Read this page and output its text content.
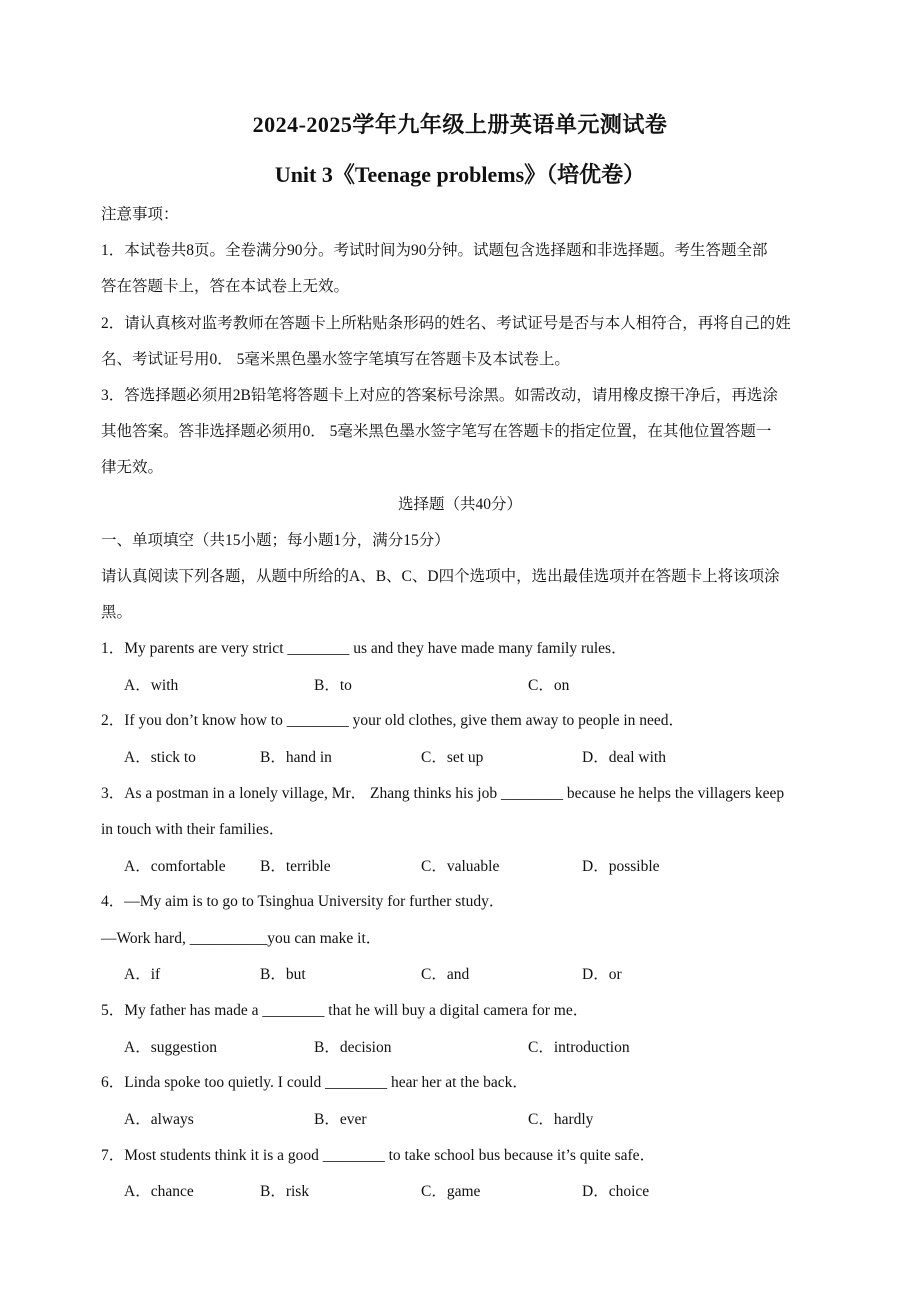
2024-2025学年九年级上册英语单元测试卷
Unit 3《Teenage problems》（培优卷）
注意事项：
1．本试卷共8页。全卷满分90分。考试时间为90分钟。试题包含选择题和非选择题。考生答题全部
答在答题卡上，答在本试卷上无效。
2．请认真核对监考教师在答题卡上所粘贴条形码的姓名、考试证号是否与本人相符合，再将自己的姓
名、考试证号用0． 5毫米黑色墨水签字笔填写在答题卡及本试卷上。
3．答选择题必须用2B铅笔将答题卡上对应的答案标号涂黑。如需改动，请用橡皮擦干净后，再选涂
其他答案。答非选择题必须用0． 5毫米黑色墨水签字笔写在答题卡的指定位置，在其他位置答题一
律无效。
选择题（共40分）
一、单项填空（共15小题；每小题1分，满分15分）
请认真阅读下列各题，从题中所给的A、B、C、D四个选项中，选出最佳选项并在答题卡上将该项涂
黑。
1．My parents are very strict ________ us and they have made many family rules．
A．with	B．to	C．on
2．If you don’t know how to ________ your old clothes, give them away to people in need．
A．stick to	B．hand in	C．set up	D．deal with
3．As a postman in a lonely village, Mr． Zhang thinks his job ________ because he helps the villagers keep
in touch with their families．
A．comfortable B．terrible	C．valuable	D．possible
4．—My aim is to go to Tsinghua University for further study．
—Work hard, __________you can make it．
A．if	B．but	C．and	D．or
5．My father has made a ________ that he will buy a digital camera for me．
A．suggestion	B．decision	C．introduction
6．Linda spoke too quietly. I could ________ hear her at the back．
A．always	B．ever	C．hardly
7．Most students think it is a good ________ to take school bus because it’s quite safe．
A．chance	B．risk	C．game	D．choice
